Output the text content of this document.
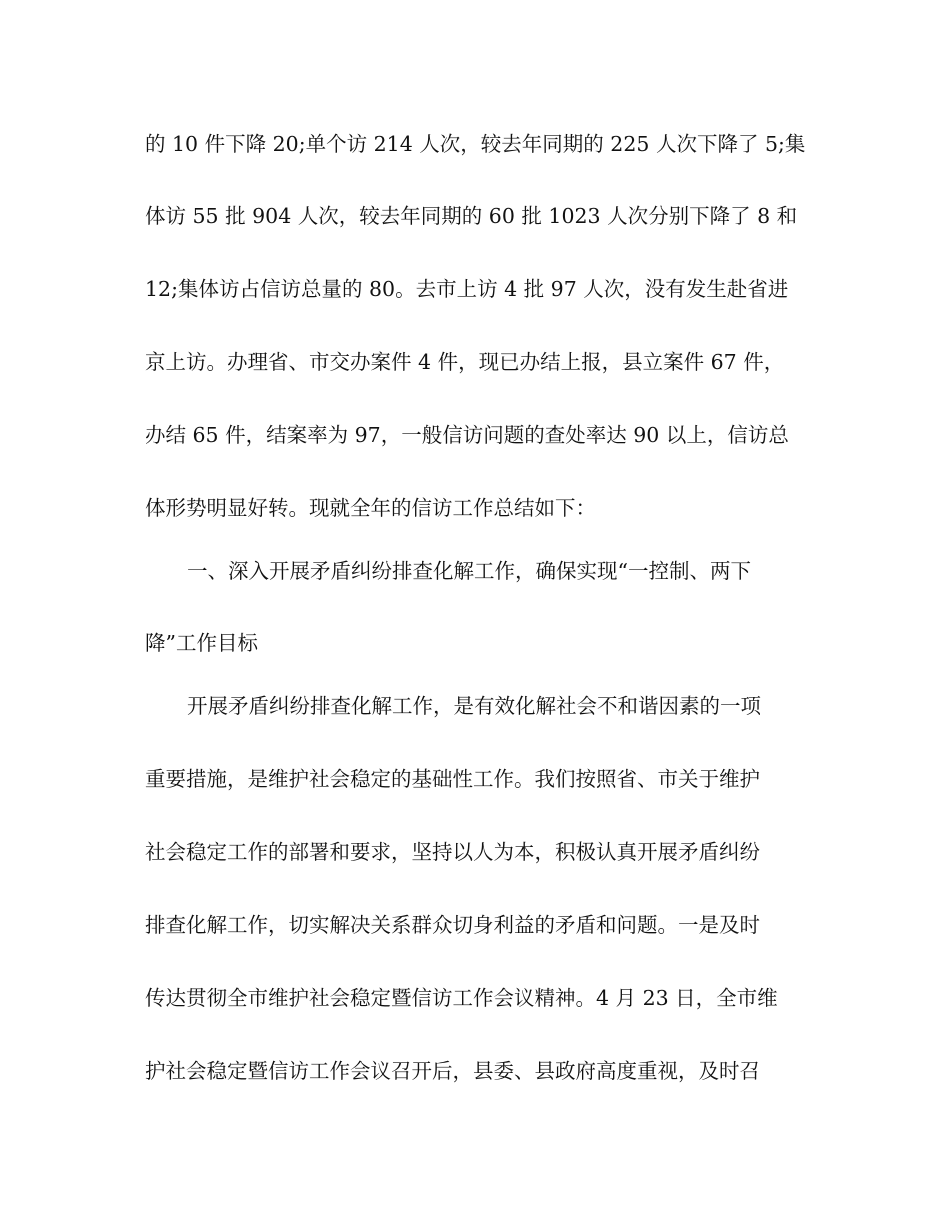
的 10 件下降 20;单个访 214 人次，较去年同期的 225 人次下降了 5;集
体访 55 批 904 人次，较去年同期的 60 批 1023 人次分别下降了 8 和
12;集体访占信访总量的 80。去市上访 4 批 97 人次，没有发生赴省进
京上访。办理省、市交办案件 4 件，现已办结上报，县立案件 67 件，
办结 65 件，结案率为 97，一般信访问题的查处率达 90 以上，信访总
体形势明显好转。现就全年的信访工作总结如下：
一、深入开展矛盾纠纷排查化解工作，确保实现“一控制、两下
降”工作目标
开展矛盾纠纷排查化解工作，是有效化解社会不和谐因素的一项
重要措施，是维护社会稳定的基础性工作。我们按照省、市关于维护
社会稳定工作的部署和要求，坚持以人为本，积极认真开展矛盾纠纷
排查化解工作，切实解决关系群众切身利益的矛盾和问题。一是及时
传达贯彻全市维护社会稳定暨信访工作会议精神。4 月 23 日，全市维
护社会稳定暨信访工作会议召开后，县委、县政府高度重视，及时召
